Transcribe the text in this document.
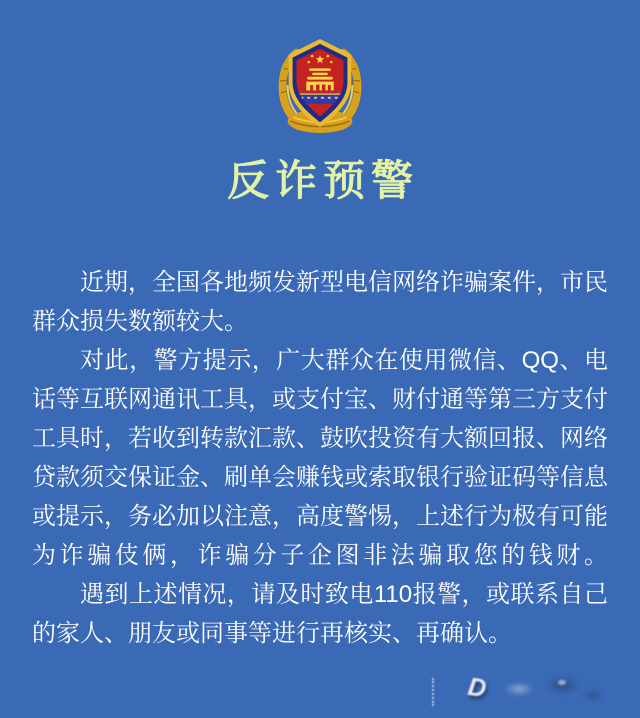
反诈预警

近期，全国各地频发新型电信网络诈骗案件，市民群众损失数额较大。

对此，警方提示，广大群众在使用微信、QQ、电话等互联网通讯工具，或支付宝、财付通等第三方支付工具时，若收到转款汇款、鼓吹投资有大额回报、网络贷款须交保证金、刷单会赚钱或索取银行验证码等信息或提示，务必加以注意，高度警惕，上述行为极有可能为诈骗伎俩，诈骗分子企图非法骗取您的钱财。

遇到上述情况，请及时致电110报警，或联系自己的家人、朋友或同事等进行再核实、再确认。

D
